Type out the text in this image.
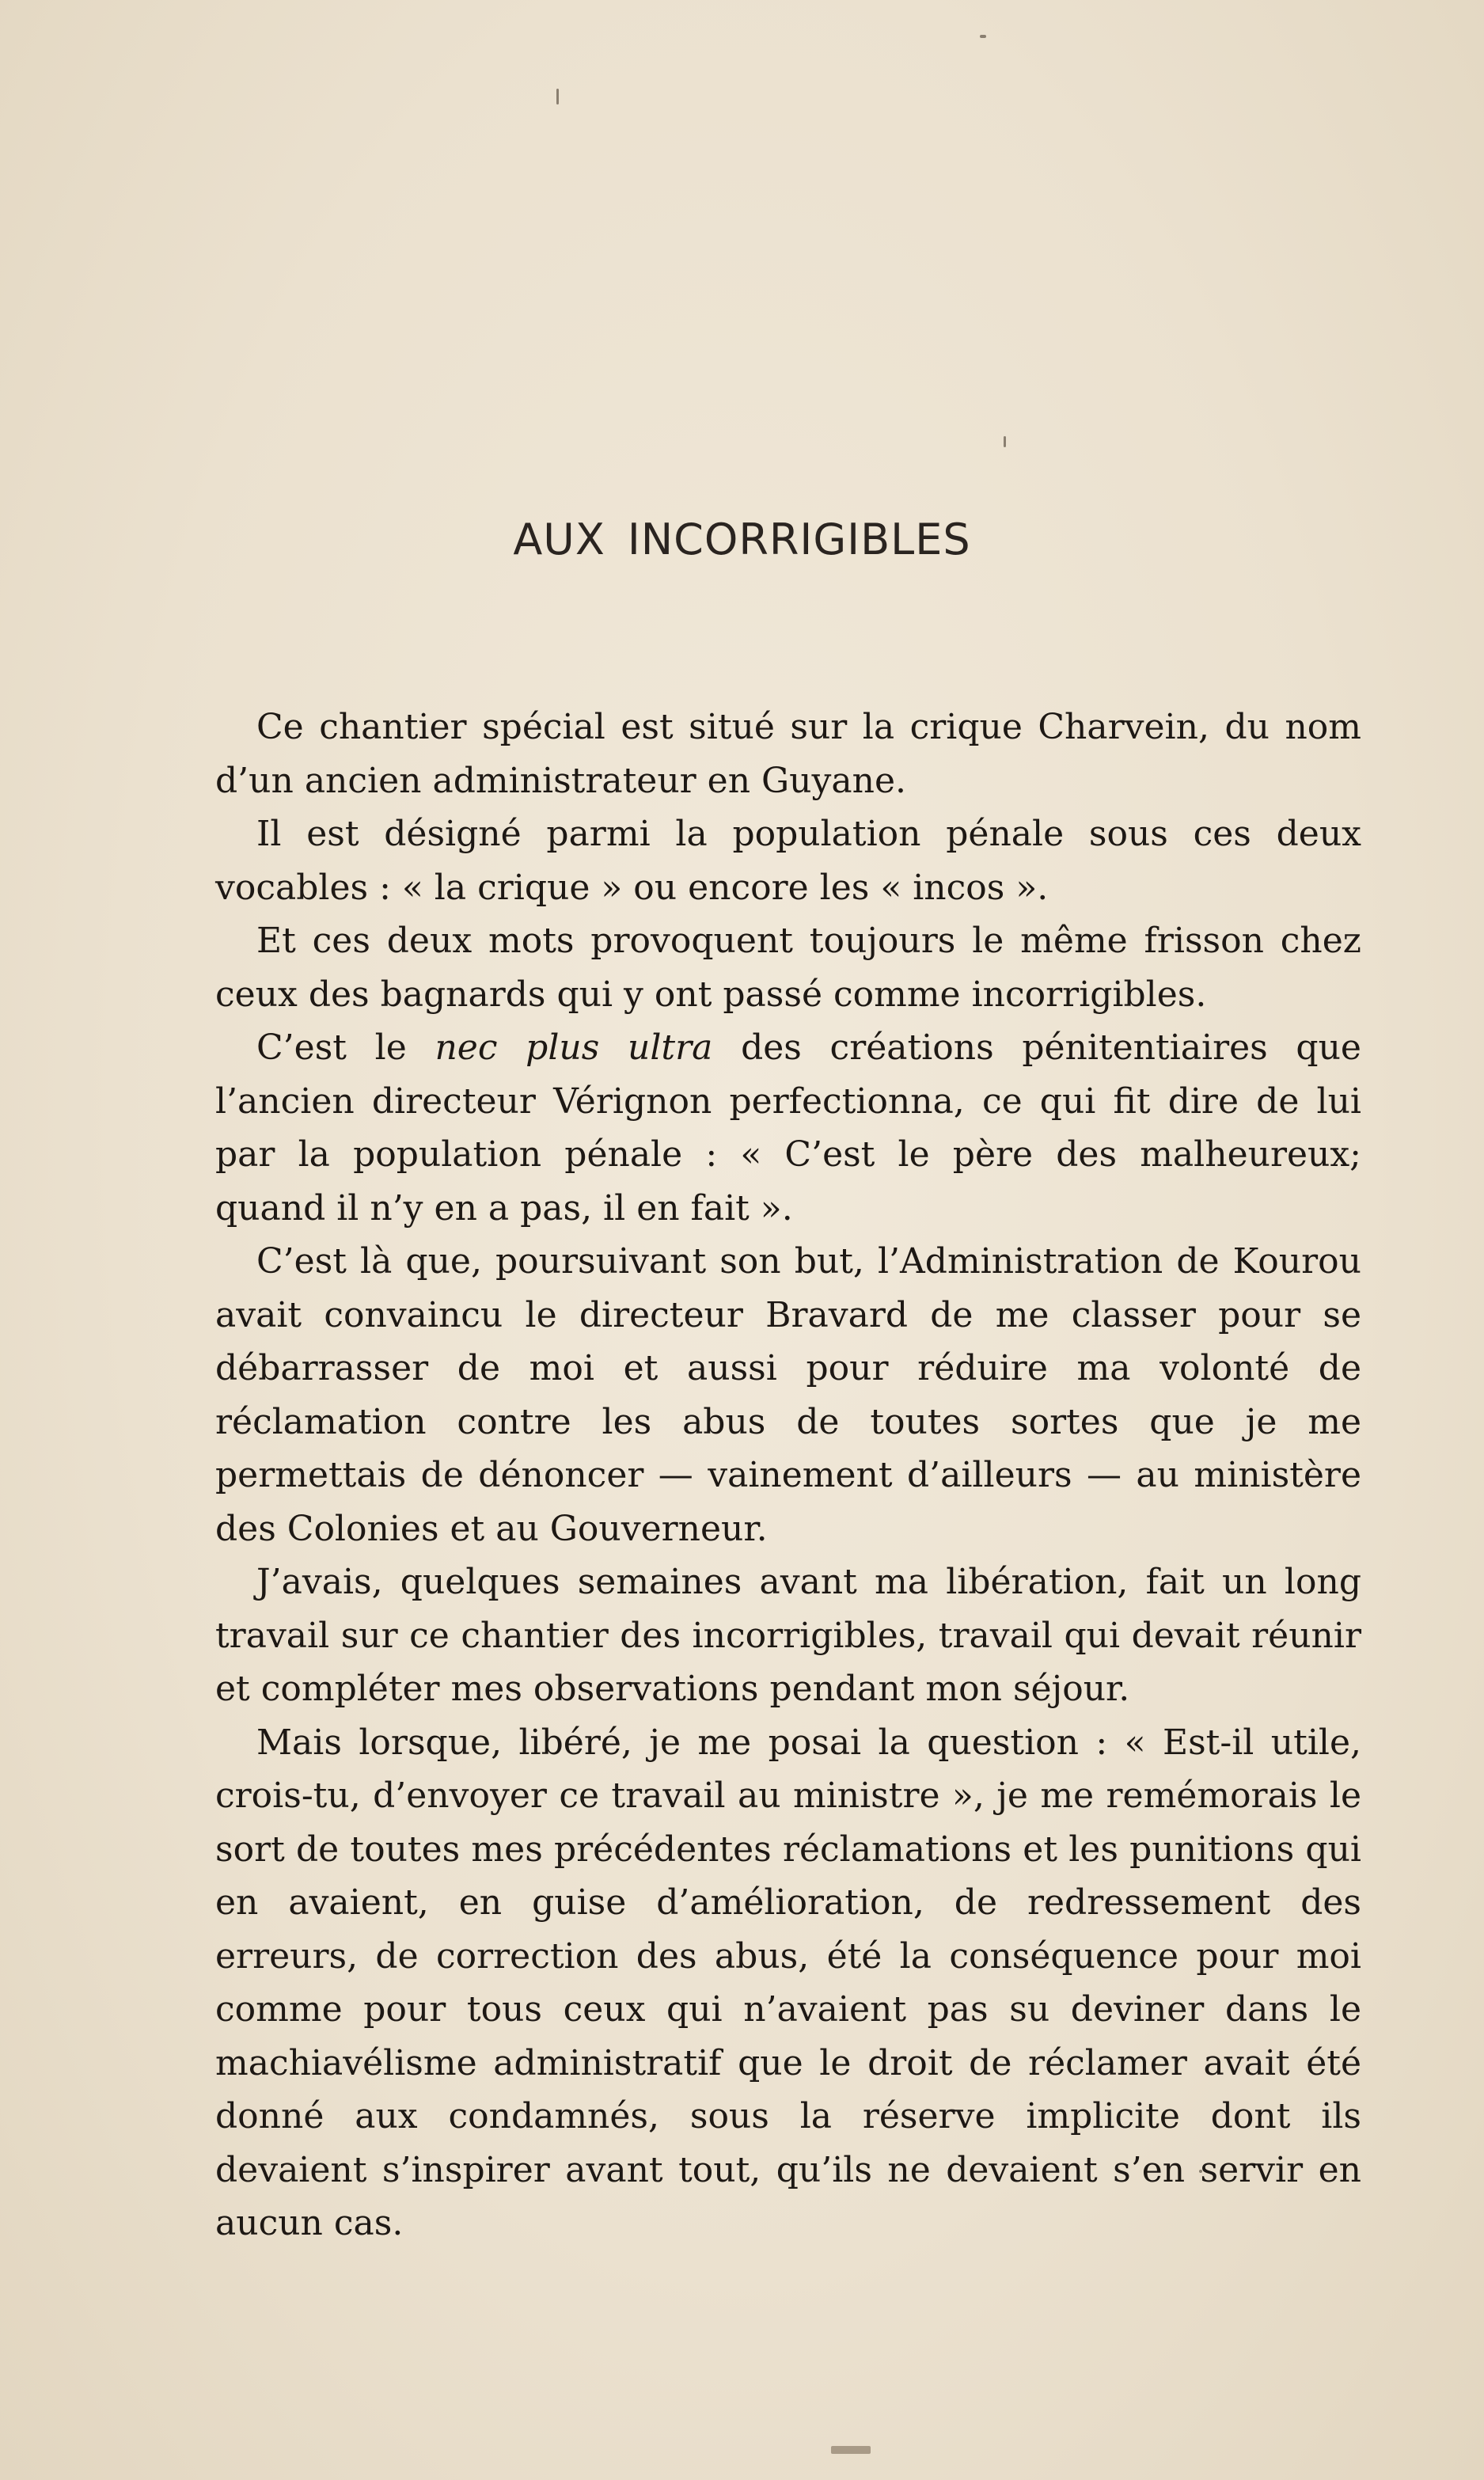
AUX INCORRIGIBLES

Ce chantier spécial est situé sur la crique Charvein, du nom d’un ancien administrateur en Guyane.

Il est désigné parmi la population pénale sous ces deux vocables : « la crique » ou encore les « incos ».

Et ces deux mots provoquent toujours le même frisson chez ceux des bagnards qui y ont passé comme incorrigibles.

C’est le nec plus ultra des créations pénitentiaires que l’ancien directeur Vérignon perfectionna, ce qui fit dire de lui par la population pénale : « C’est le père des malheureux; quand il n’y en a pas, il en fait ».

C’est là que, poursuivant son but, l’Administration de Kourou avait convaincu le directeur Bravard de me classer pour se débarrasser de moi et aussi pour réduire ma volonté de réclamation contre les abus de toutes sortes que je me permettais de dénoncer — vainement d’ailleurs — au ministère des Colonies et au Gouverneur.

J’avais, quelques semaines avant ma libération, fait un long travail sur ce chantier des incorrigibles, travail qui devait réunir et compléter mes observations pendant mon séjour.

Mais lorsque, libéré, je me posai la question : « Est-il utile, crois-tu, d’envoyer ce travail au ministre », je me remémorais le sort de toutes mes précédentes réclamations et les punitions qui en avaient, en guise d’amélioration, de redressement des erreurs, de correction des abus, été la conséquence pour moi comme pour tous ceux qui n’avaient pas su deviner dans le machiavélisme administratif que le droit de réclamer avait été donné aux condamnés, sous la réserve implicite dont ils devaient s’inspirer avant tout, qu’ils ne devaient s’en servir en aucun cas.
